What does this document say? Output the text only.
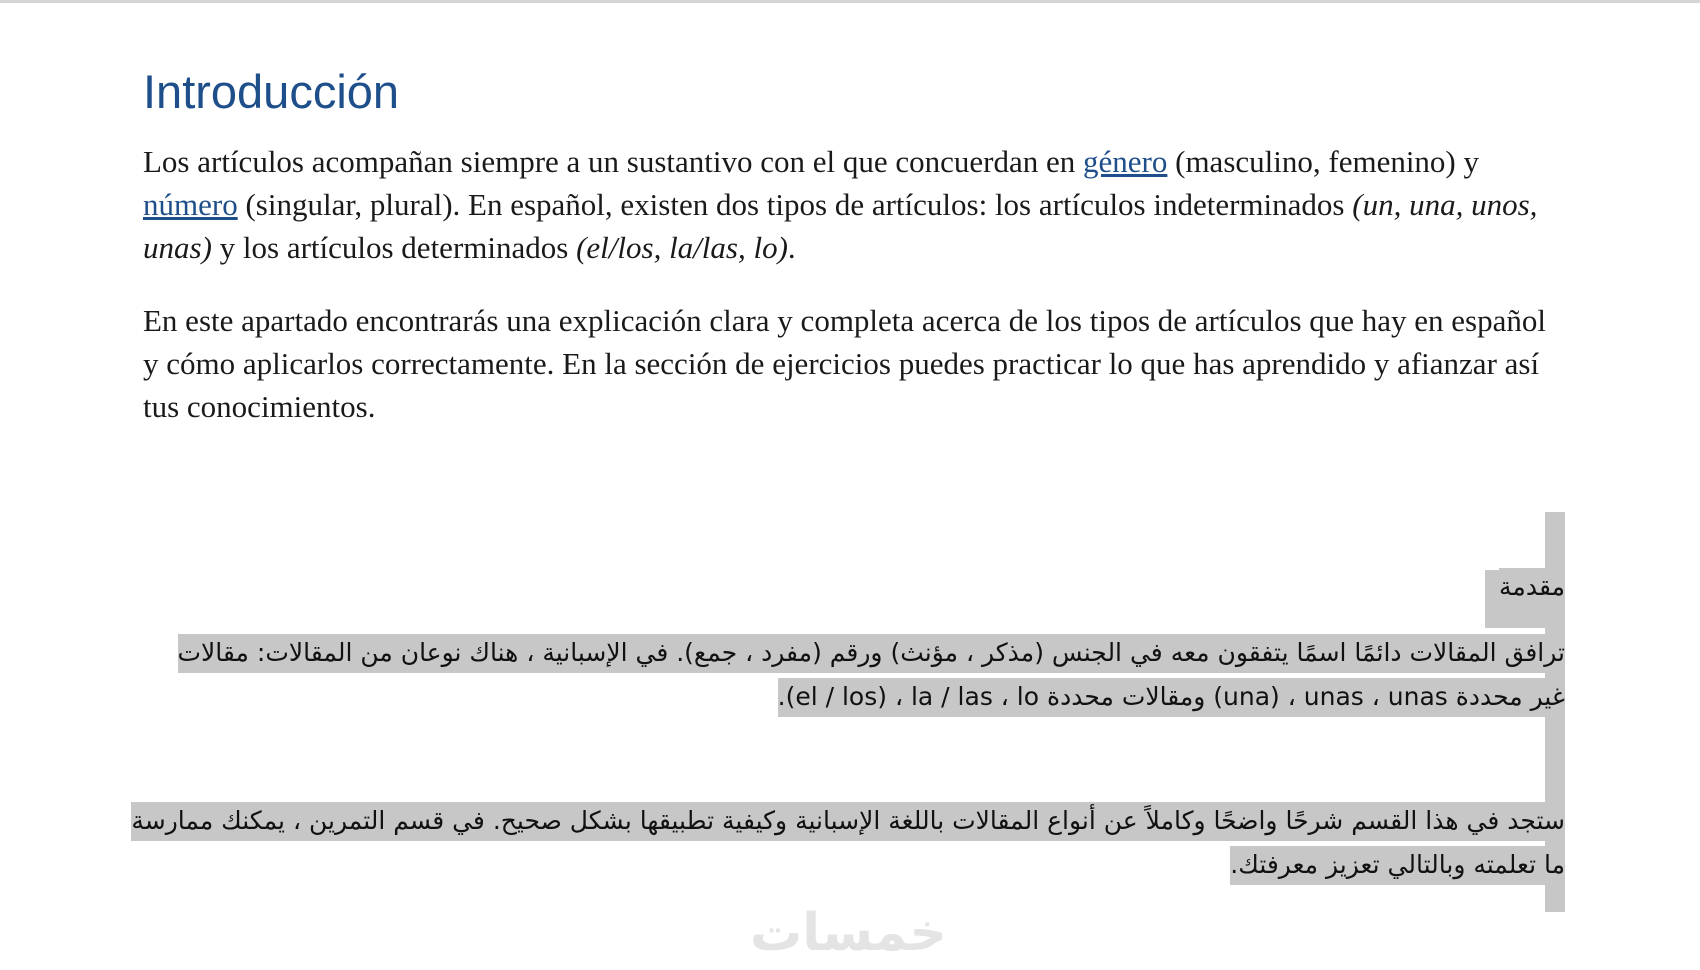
Introducción

Los artículos acompañan siempre a un sustantivo con el que concuerdan en género (masculino, femenino) y número (singular, plural). En español, existen dos tipos de artículos: los artículos indeterminados (un, una, unos, unas) y los artículos determinados (el/los, la/las, lo).

En este apartado encontrarás una explicación clara y completa acerca de los tipos de artículos que hay en español y cómo aplicarlos correctamente. En la sección de ejercicios puedes practicar lo que has aprendido y afianzar así tus conocimientos.

مقدمة
ترافق المقالات دائمًا اسمًا يتفقون معه في الجنس (مذكر ، مؤنث) ورقم (مفرد ، جمع). في الإسبانية ، هناك نوعان من المقالات: مقالات
غير محددة una) ، unas ، unas) ومقالات محددة el / los) ، la / las ، lo).
ستجد في هذا القسم شرحًا واضحًا وكاملاً عن أنواع المقالات باللغة الإسبانية وكيفية تطبيقها بشكل صحيح. في قسم التمرين ، يمكنك ممارسة
ما تعلمته وبالتالي تعزيز معرفتك.
خمسات
